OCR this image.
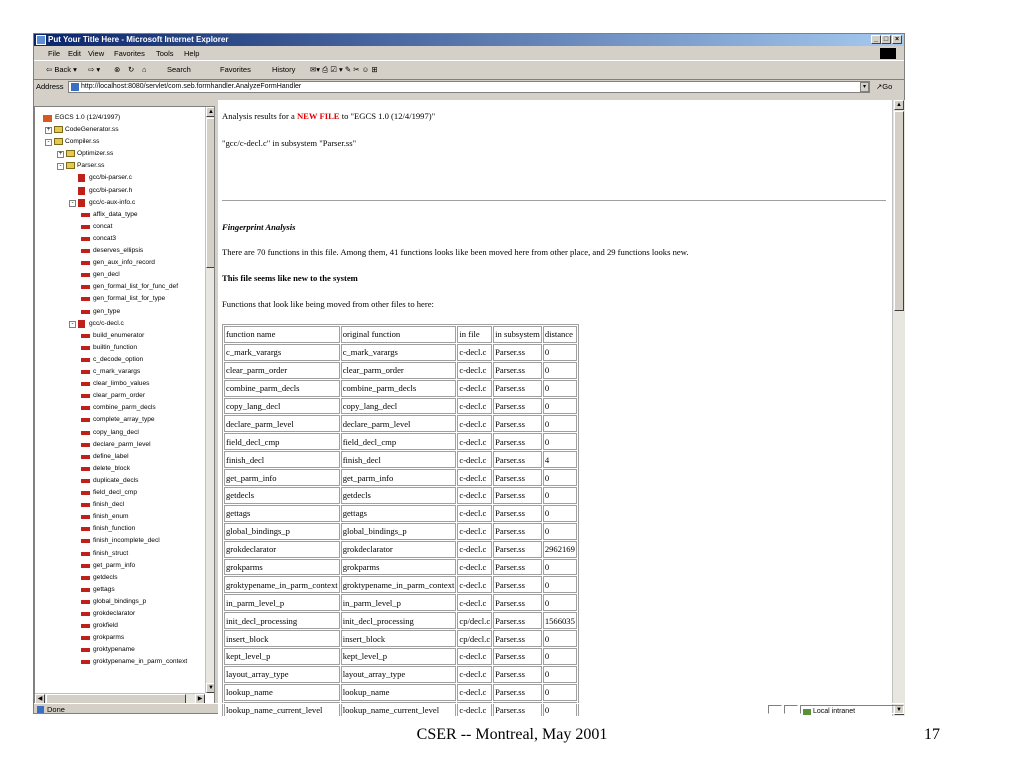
Put Your Title Here - Microsoft Internet Explorer	_ □ ×
File Edit View Favorites Tools Help
⇦ Back ▾ ⇨ ▾ ⊗ ↻ ⌂	Search	Favorites	History ✉▾ ⎙ ☑ ▾ ✎ ✂ ☺ ⊞
Address	http://localhost:8080/servlet/com.seb.formhandler.AnalyzeFormHandler	▾	↗Go
EGCS 1.0 (12/4/1997)
+ CodeGenerator.ss
-	Compiler.ss
+ Optimizer.ss
-	Parser.ss
gcc/bi-parser.c
gcc/bi-parser.h
-	gcc/c-aux-info.c
affix_data_type
concat
concat3
deserves_ellipsis
gen_aux_info_record
gen_decl
gen_formal_list_for_func_def
gen_formal_list_for_type
gen_type
-	gcc/c-decl.c
build_enumerator
builtin_function
c_decode_option
c_mark_varargs
clear_limbo_values
clear_parm_order
combine_parm_decls
complete_array_type
copy_lang_decl
declare_parm_level
define_label
delete_block
duplicate_decls
field_decl_cmp
finish_decl
finish_enum
finish_function
finish_incomplete_decl
finish_struct
get_parm_info
getdecls
gettags
global_bindings_p
grokdeclarator
grokfield
grokparms
groktypename
groktypename_in_parm_context
▲
▼
◀	▶
Analysis results for a NEW FILE to "EGCS 1.0 (12/4/1997)"
"gcc/c-decl.c" in subsystem "Parser.ss"
Fingerprint Analysis
There are 70 functions in this file. Among them, 41 functions looks like been moved here from other place, and 29 functions looks new.
This file seems like new to the system
Functions that look like being moved from other files to here:
function name	original function	in file	in subsystem	distance
c_mark_varargs	c_mark_varargs	c-decl.c	Parser.ss	0
clear_parm_order	clear_parm_order	c-decl.c	Parser.ss	0
combine_parm_decls	combine_parm_decls	c-decl.c	Parser.ss	0
copy_lang_decl	copy_lang_decl	c-decl.c	Parser.ss	0
declare_parm_level	declare_parm_level	c-decl.c	Parser.ss	0
field_decl_cmp	field_decl_cmp	c-decl.c	Parser.ss	0
finish_decl	finish_decl	c-decl.c	Parser.ss	4
get_parm_info	get_parm_info	c-decl.c	Parser.ss	0
getdecls	getdecls	c-decl.c	Parser.ss	0
gettags	gettags	c-decl.c	Parser.ss	0
global_bindings_p	global_bindings_p	c-decl.c	Parser.ss	0
grokdeclarator	grokdeclarator	c-decl.c	Parser.ss	2962169
grokparms	grokparms	c-decl.c	Parser.ss	0
groktypename_in_parm_context	groktypename_in_parm_context	c-decl.c	Parser.ss	0
in_parm_level_p	in_parm_level_p	c-decl.c	Parser.ss	0
init_decl_processing	init_decl_processing	cp/decl.c	Parser.ss	1566035
insert_block	insert_block	cp/decl.c	Parser.ss	0
kept_level_p	kept_level_p	c-decl.c	Parser.ss	0
layout_array_type	layout_array_type	c-decl.c	Parser.ss	0
lookup_name	lookup_name	c-decl.c	Parser.ss	0
lookup_name_current_level	lookup_name_current_level	c-decl.c	Parser.ss	0

▲
▼
Done	Local intranet
CSER -- Montreal, May 2001	17
